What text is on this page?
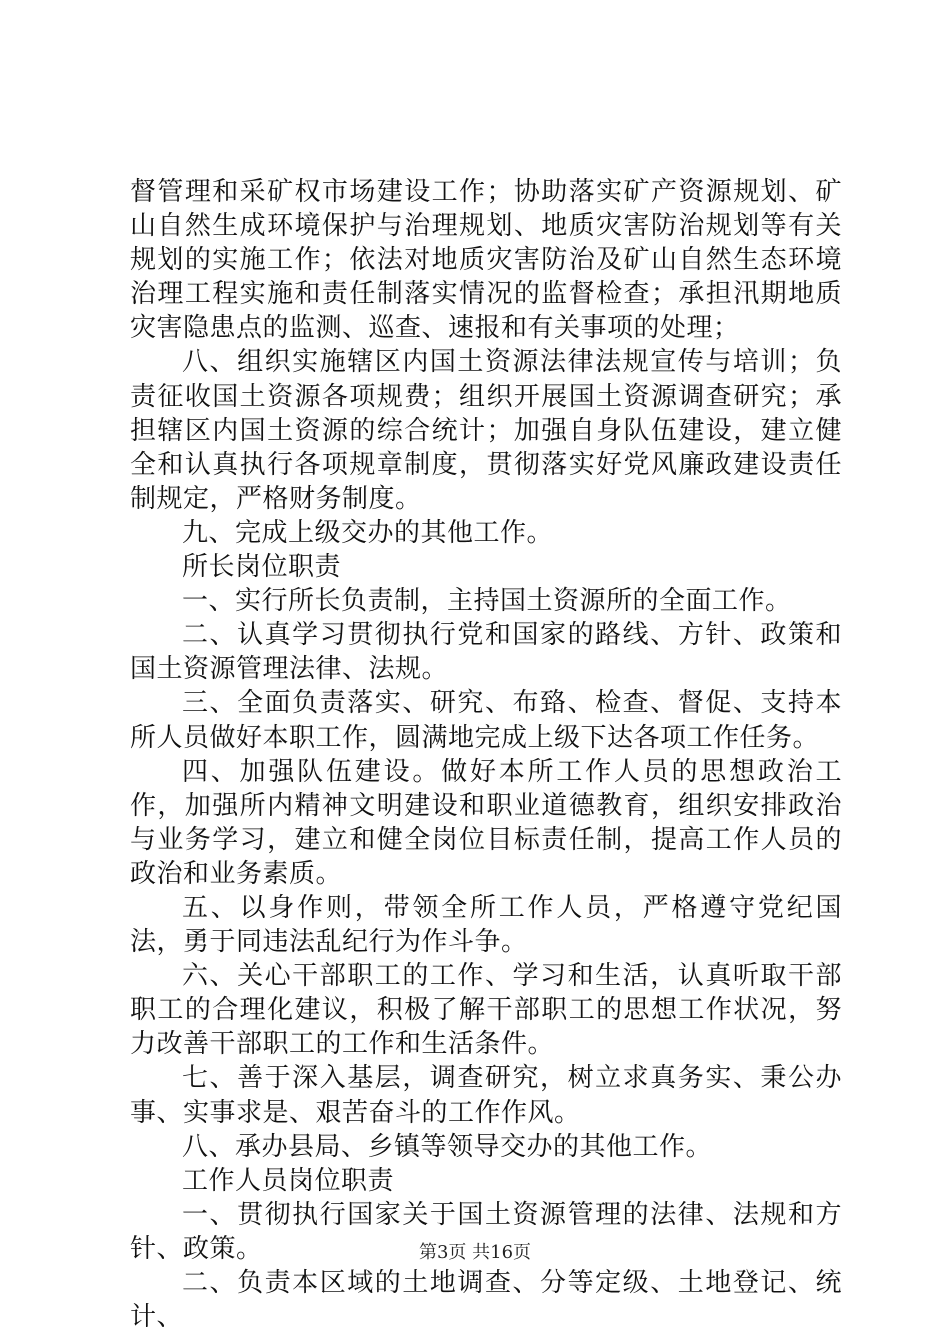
督管理和采矿权市场建设工作；协助落实矿产资源规划、矿山自然生成环境保护与治理规划、地质灾害防治规划等有关规划的实施工作；依法对地质灾害防治及矿山自然生态环境治理工程实施和责任制落实情况的监督检查；承担汛期地质灾害隐患点的监测、巡查、速报和有关事项的处理；

八、组织实施辖区内国土资源法律法规宣传与培训；负责征收国土资源各项规费；组织开展国土资源调查研究；承担辖区内国土资源的综合统计；加强自身队伍建设，建立健全和认真执行各项规章制度，贯彻落实好党风廉政建设责任制规定，严格财务制度。

九、完成上级交办的其他工作。

所长岗位职责

一、实行所长负责制，主持国土资源所的全面工作。

二、认真学习贯彻执行党和国家的路线、方针、政策和国土资源管理法律、法规。

三、全面负责落实、研究、布臵、检查、督促、支持本所人员做好本职工作，圆满地完成上级下达各项工作任务。

四、加强队伍建设。做好本所工作人员的思想政治工作，加强所内精神文明建设和职业道德教育，组织安排政治与业务学习，建立和健全岗位目标责任制，提高工作人员的政治和业务素质。

五、以身作则，带领全所工作人员，严格遵守党纪国法，勇于同违法乱纪行为作斗争。

六、关心干部职工的工作、学习和生活，认真听取干部职工的合理化建议，积极了解干部职工的思想工作状况，努力改善干部职工的工作和生活条件。

七、善于深入基层，调查研究，树立求真务实、秉公办事、实事求是、艰苦奋斗的工作作风。

八、承办县局、乡镇等领导交办的其他工作。

工作人员岗位职责

一、贯彻执行国家关于国土资源管理的法律、法规和方针、政策。

二、负责本区域的土地调查、分等定级、土地登记、统计、

第3页 共16页
